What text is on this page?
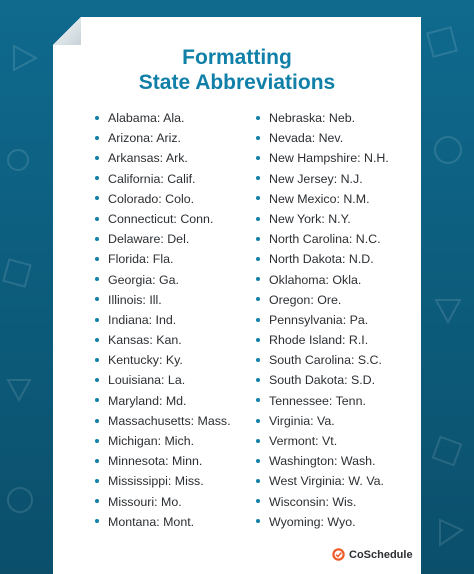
Formatting
State Abbreviations
Alabama: Ala.
Arizona: Ariz.
Arkansas: Ark.
California: Calif.
Colorado: Colo.
Connecticut: Conn.
Delaware: Del.
Florida: Fla.
Georgia: Ga.
Illinois: Ill.
Indiana: Ind.
Kansas: Kan.
Kentucky: Ky.
Louisiana: La.
Maryland: Md.
Massachusetts: Mass.
Michigan: Mich.
Minnesota: Minn.
Mississippi: Miss.
Missouri: Mo.
Montana: Mont.
Nebraska: Neb.
Nevada: Nev.
New Hampshire: N.H.
New Jersey: N.J.
New Mexico: N.M.
New York: N.Y.
North Carolina: N.C.
North Dakota: N.D.
Oklahoma: Okla.
Oregon: Ore.
Pennsylvania: Pa.
Rhode Island: R.I.
South Carolina: S.C.
South Dakota: S.D.
Tennessee: Tenn.
Virginia: Va.
Vermont: Vt.
Washington: Wash.
West Virginia: W. Va.
Wisconsin: Wis.
Wyoming: Wyo.
CoSchedule
